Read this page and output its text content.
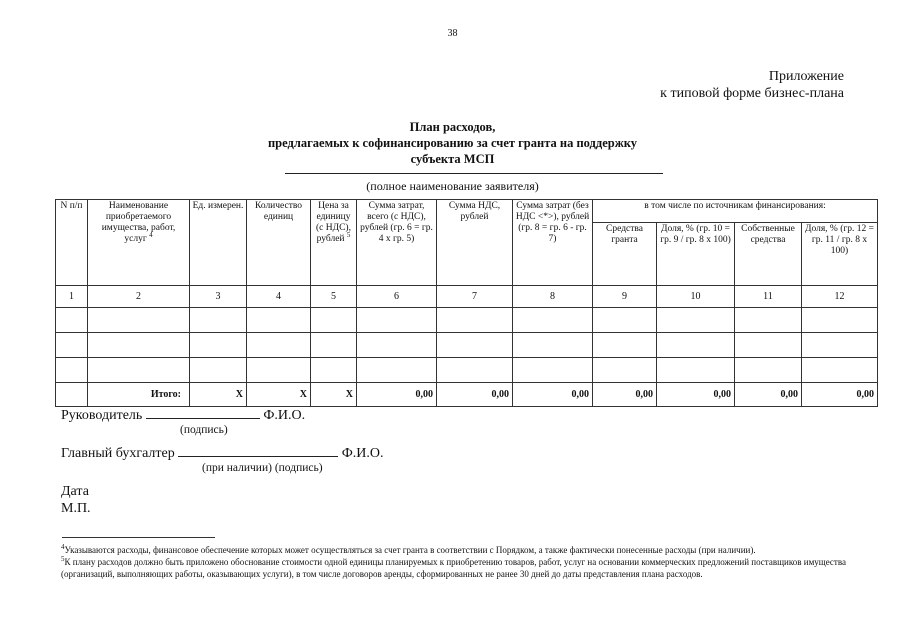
38
Приложение
к типовой форме бизнес-плана
План расходов,
предлагаемых к софинансированию за счет гранта на поддержку
субъекта МСП
(полное наименование заявителя)
N п/п	Наименование приобретаемого имущества, работ, услуг $^4$	Ед. измерен.	Количество единиц	Цена за единицу (с НДС), рублей $^5$	Сумма затрат, всего (с НДС), рублей (гр. 6 = гр. 4 x гр. 5)	Сумма НДС, рублей	Сумма затрат (без НДС <*>), рублей (гр. 8 = гр. 6 - гр. 7)	в том числе по источникам финансирования:			
								Средства гранта	Доля, % (гр. 10 = гр. 9 / гр. 8 x 100)	Собственные средства	Доля, % (гр. 12 = гр. 11 / гр. 8 x 100)
1	2	3	4	5	6	7	8	9	10	11	12

	Итого:	X	X	X	0,00	0,00	0,00	0,00	0,00	0,00	0,00
Руководитель	Ф.И.О.
(подпись)
Главный бухгалтер	Ф.И.О.
(при наличии) (подпись)
Дата
М.П.
$^4$Указываются расходы, финансовое обеспечение которых может осуществляться за счет гранта в соответствии с Порядком, а также фактически понесенные расходы (при наличии).
$^5$К плану расходов должно быть приложено обоснование стоимости одной единицы планируемых к приобретению товаров, работ, услуг на основании коммерческих предложений поставщиков имущества (организаций, выполняющих работы, оказывающих услуги), в том числе договоров аренды, сформированных не ранее 30 дней до даты представления плана расходов.
